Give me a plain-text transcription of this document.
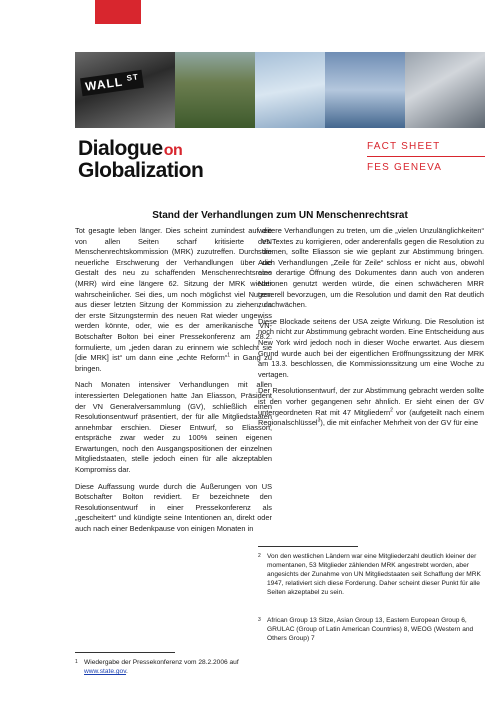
WALL $^{ST}$
Dialogueon
Globalization
FACT SHEET
FES GENEVA
Stand der Verhandlungen zum UN Menschenrechtsrat

Tot gesagte leben länger. Dies scheint zumindest auf die von allen Seiten scharf kritisierte VN Menschenrechtskommission (MRK) zuzutreffen. Durch die neuerliche Erschwerung der Verhandlungen über die Gestalt des neu zu schaffenden Menschenrechtsrates (MRR) wird eine längere 62. Sitzung der MRK wieder wahrscheinlicher. Sei dies, um noch möglichst viel Nutzen aus dieser letzten Sitzung der Kommission zu ziehen, da der erste Sitzungstermin des neuen Rat wieder ungewiss werden könnte, oder, wie es der amerikanische VN-Botschafter Bolton bei einer Pressekonferenz am 28.2. formulierte, um „jeden daran zu erinnern wie schlecht sie [die MRK] ist“ um dann eine „echte Reform“$^1$ in Gang zu bringen.

Nach Monaten intensiver Verhandlungen mit allen interessierten Delegationen hatte Jan Eliasson, Präsident der VN Generalversammlung (GV), schließlich einen Resolutionsentwurf präsentiert, der für alle Mitgliedstaaten annehmbar erschien. Dieser Entwurf, so Eliasson, entspräche zwar weder zu 100% seinen eigenen Erwartungen, noch den Ausgangspositionen der einzelnen Mitgliedstaaten, stelle jedoch einen für alle akzeptablen Kompromiss dar.

Diese Auffassung wurde durch die Äußerungen von US Botschafter Bolton revidiert. Er bezeichnete den Resolutionsentwurf in einer Pressekonferenz als „gescheitert“ und kündigte seine Intentionen an, direkt oder auch nach einer Bedenkpause von einigen Monaten in

weitere Verhandlungen zu treten, um die „vielen Unzulänglichkeiten“ des Textes zu korrigieren, oder anderenfalls gegen die Resolution zu stimmen, sollte Eliasson sie wie geplant zur Abstimmung bringen. Auch Verhandlungen „Zeile für Zeile“ schloss er nicht aus, obwohl eine derartige Öffnung des Dokumentes dann auch von anderen Nationen genutzt werden würde, die einen schwächeren MRR generell bevorzugen, um die Resolution und damit den Rat deutlich zu schwächen.

Diese Blockade seitens der USA zeigte Wirkung. Die Resolution ist noch nicht zur Abstimmung gebracht worden. Eine Entscheidung aus New York wird jedoch noch in dieser Woche erwartet. Aus diesem Grund wurde auch bei der eigentlichen Eröffnungssitzung der MRK am 13.3. beschlossen, die Kommissionssitzung um eine Woche zu vertagen.

Der Resolutionsentwurf, der zur Abstimmung gebracht werden sollte ist den vorher gegangenen sehr ähnlich. Er sieht einen der GV untergeordneten Rat mit 47 Mitgliedern$^2$ vor (aufgeteilt nach einem Regionalschlüssel$^3$), die mit einfacher Mehrheit von der GV für eine

1 Wiedergabe der Pressekonferenz vom 28.2.2006 auf www.state.gov.
2 Von den westlichen Ländern war eine Mitgliederzahl deutlich kleiner der momentanen, 53 Mitglieder zählenden MRK angestrebt worden, aber angesichts der Zunahme von UN Mitgliedstaaten seit Schaffung der MRK 1947, relativiert sich diese Forderung. Daher scheint dieser Punkt für alle Seiten akzeptabel zu sein.
3 African Group 13 Sitze, Asian Group 13, Eastern European Group 6, GRULAC (Group of Latin American Countries) 8, WEOG (Western and Others Group) 7
